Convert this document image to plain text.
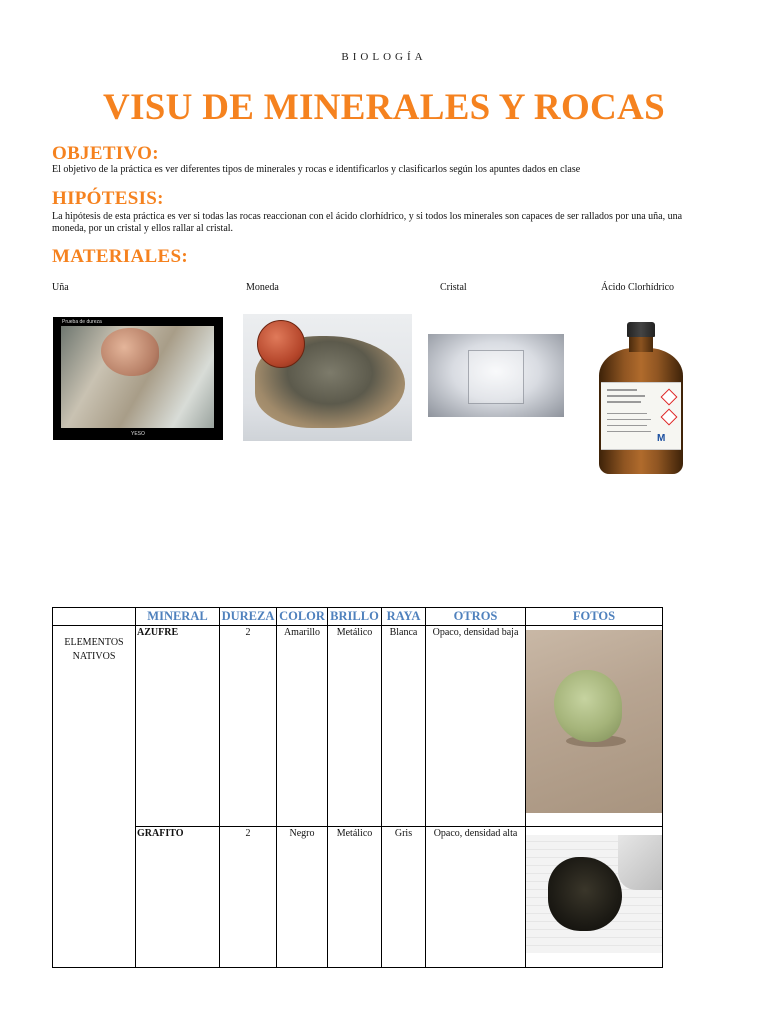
BIOLOGÍA
VISU DE MINERALES Y ROCAS
OBJETIVO:
El objetivo de la práctica es ver diferentes tipos de minerales y rocas e identificarlos y clasificarlos según los apuntes dados en clase
HIPÓTESIS:
La hipótesis de esta práctica es ver si todas las rocas reaccionan con el ácido clorhídrico, y si todos los minerales son capaces de ser rallados por una uña, una moneda, por un cristal y ellos rallar al cristal.
MATERIALES:
Uña	Moneda	Cristal	Ácido Clorhídrico
Prueba de dureza
YESO	M
	MINERAL	DUREZA	COLOR	BRILLO	RAYA	OTROS	FOTOS
ELEMENTOS NATIVOS	AZUFRE	2	Amarillo	Metálico	Blanca	Opaco, densidad baja	

	GRAFITO	2	Negro	Metálico	Gris	Opaco, densidad alta	
